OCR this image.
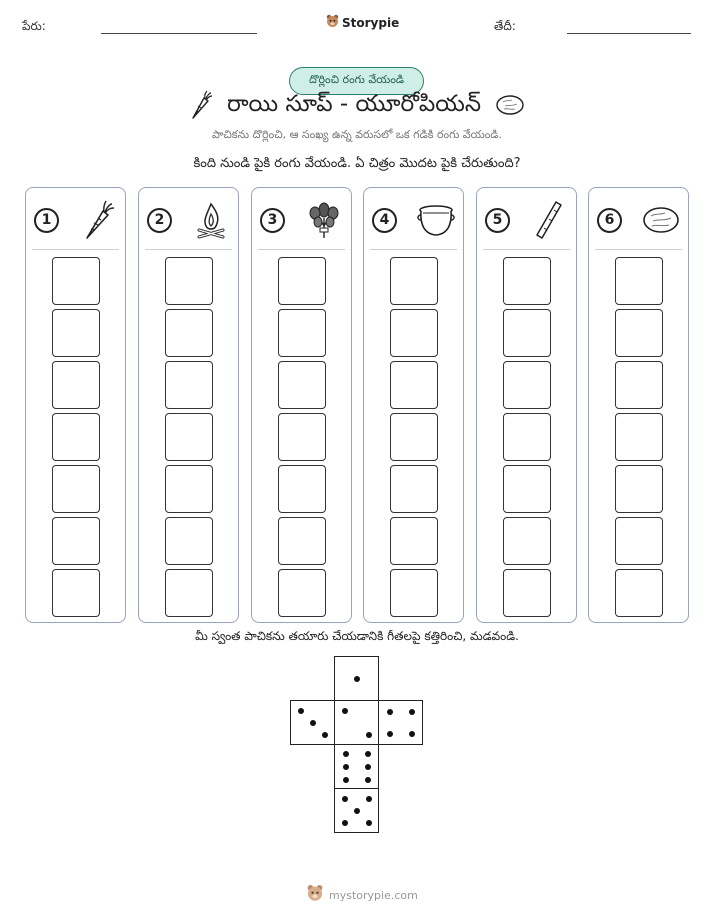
పేరు:	Storypie	తేదీ:
దొర్లించి రంగు వేయండి
రాయి సూప్ - యూరోపియన్
పాచికను దొర్లించి, ఆ సంఖ్య ఉన్న వరుసలో ఒక గడికి రంగు వేయండి.
కింది నుండి పైకి రంగు వేయండి. ఏ చిత్రం మొదట పైకి చేరుతుంది?
1	2	3	4	5	6
మీ స్వంత పాచికను తయారు చేయడానికి గీతలపై కత్తిరించి, మడవండి.
mystorypie.com
